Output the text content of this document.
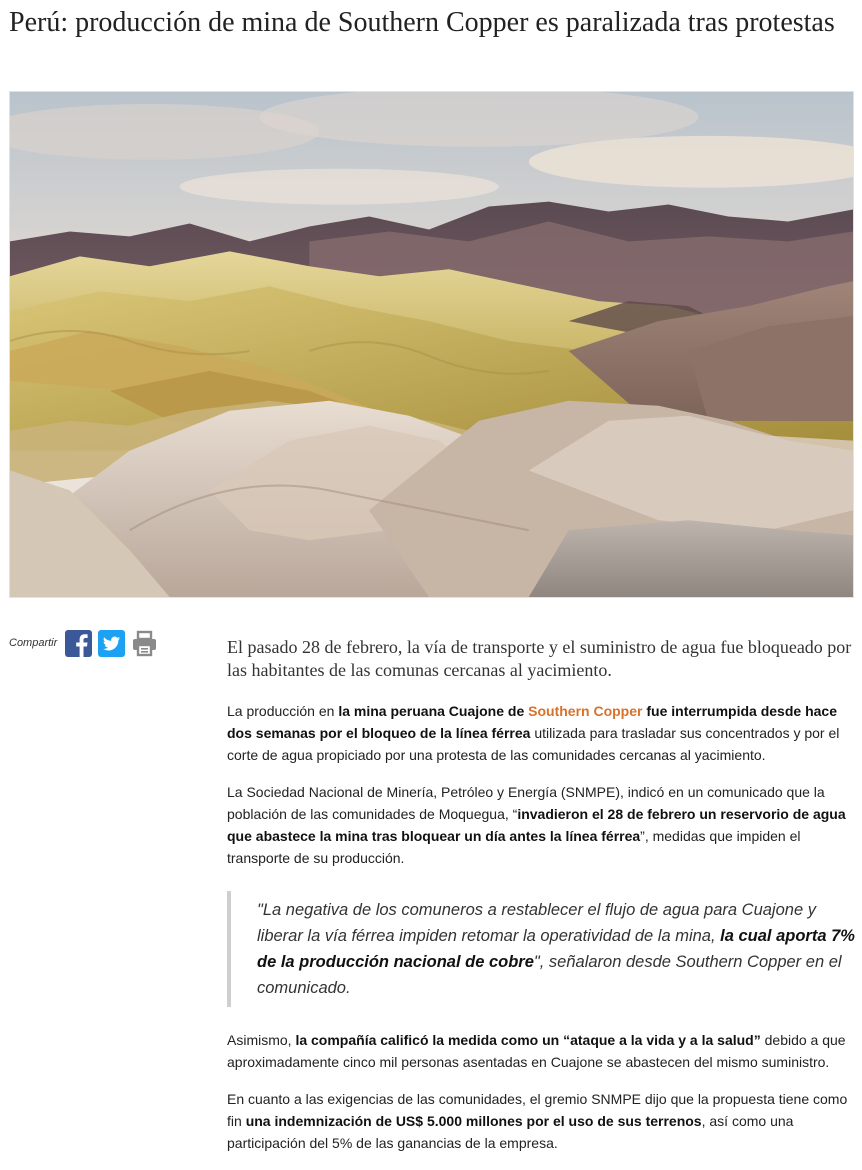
Perú: producción de mina de Southern Copper es paralizada tras protestas
Compartir	El pasado 28 de febrero, la vía de transporte y el suministro de agua fue bloqueado por las habitantes de las comunas cercanas al yacimiento.

La producción en la mina peruana Cuajone de Southern Copper fue interrumpida desde hace dos semanas por el bloqueo de la línea férrea utilizada para trasladar sus concentrados y por el corte de agua propiciado por una protesta de las comunidades cercanas al yacimiento.

La Sociedad Nacional de Minería, Petróleo y Energía (SNMPE), indicó en un comunicado que la población de las comunidades de Moquegua, “invadieron el 28 de febrero un reservorio de agua que abastece la mina tras bloquear un día antes la línea férrea”, medidas que impiden el transporte de su producción.

"La negativa de los comuneros a restablecer el flujo de agua para Cuajone y liberar la vía férrea impiden retomar la operatividad de la mina, la cual aporta 7% de la producción nacional de cobre", señalaron desde Southern Copper en el comunicado.

Asimismo, la compañía calificó la medida como un “ataque a la vida y a la salud” debido a que aproximadamente cinco mil personas asentadas en Cuajone se abastecen del mismo suministro.

En cuanto a las exigencias de las comunidades, el gremio SNMPE dijo que la propuesta tiene como fin una indemnización de US$ 5.000 millones por el uso de sus terrenos, así como una participación del 5% de las ganancias de la empresa.
